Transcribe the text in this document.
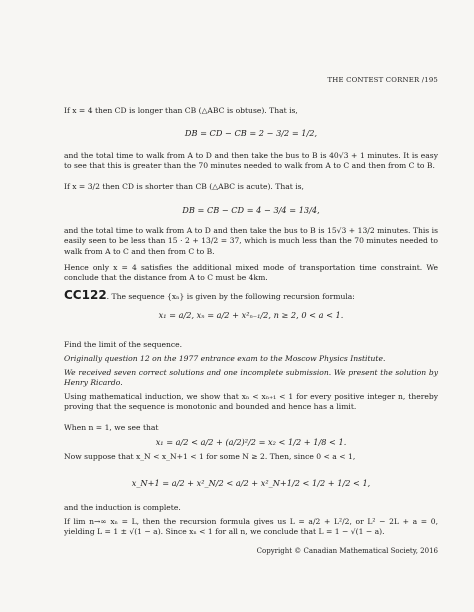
THE CONTEST CORNER /195

If x = 4 then CD is longer than CB (△ABC is obtuse). That is,

DB = CD − CB = 2 − 3/2 = 1/2,

and the total time to walk from A to D and then take the bus to B is 40√3 + 1 minutes. It is easy to see that this is greater than the 70 minutes needed to walk from A to C and then from C to B.

If x = 3/2 then CD is shorter than CB (△ABC is acute). That is,

DB = CB − CD = 4 − 3/4 = 13/4,

and the total time to walk from A to D and then take the bus to B is 15√3 + 13/2 minutes. This is easily seen to be less than 15 · 2 + 13/2 = 37, which is much less than the 70 minutes needed to walk from A to C and then from C to B.

Hence only x = 4 satisfies the additional mixed mode of transportation time constraint. We conclude that the distance from A to C must be 4km.

CC122. The sequence {xₙ} is given by the following recursion formula:

x₁ = a/2, xₙ = a/2 + x²ₙ₋₁/2, n ≥ 2, 0 < a < 1.

Find the limit of the sequence.

Originally question 12 on the 1977 entrance exam to the Moscow Physics Institute.

We received seven correct solutions and one incomplete submission. We present the solution by Henry Ricardo.

Using mathematical induction, we show that xₙ < xₙ₊₁ < 1 for every positive integer n, thereby proving that the sequence is monotonic and bounded and hence has a limit.

When n = 1, we see that

x₁ = a/2 < a/2 + (a/2)²/2 = x₂ < 1/2 + 1/8 < 1.

Now suppose that x_N < x_N+1 < 1 for some N ≥ 2. Then, since 0 < a < 1,

x_N+1 = a/2 + x²_N/2 < a/2 + x²_N+1/2 < 1/2 + 1/2 < 1,

and the induction is complete.

If lim n→∞ xₙ = L, then the recursion formula gives us L = a/2 + L²/2, or L² − 2L + a = 0, yielding L = 1 ± √(1 − a). Since xₙ < 1 for all n, we conclude that L = 1 − √(1 − a).

Copyright © Canadian Mathematical Society, 2016
